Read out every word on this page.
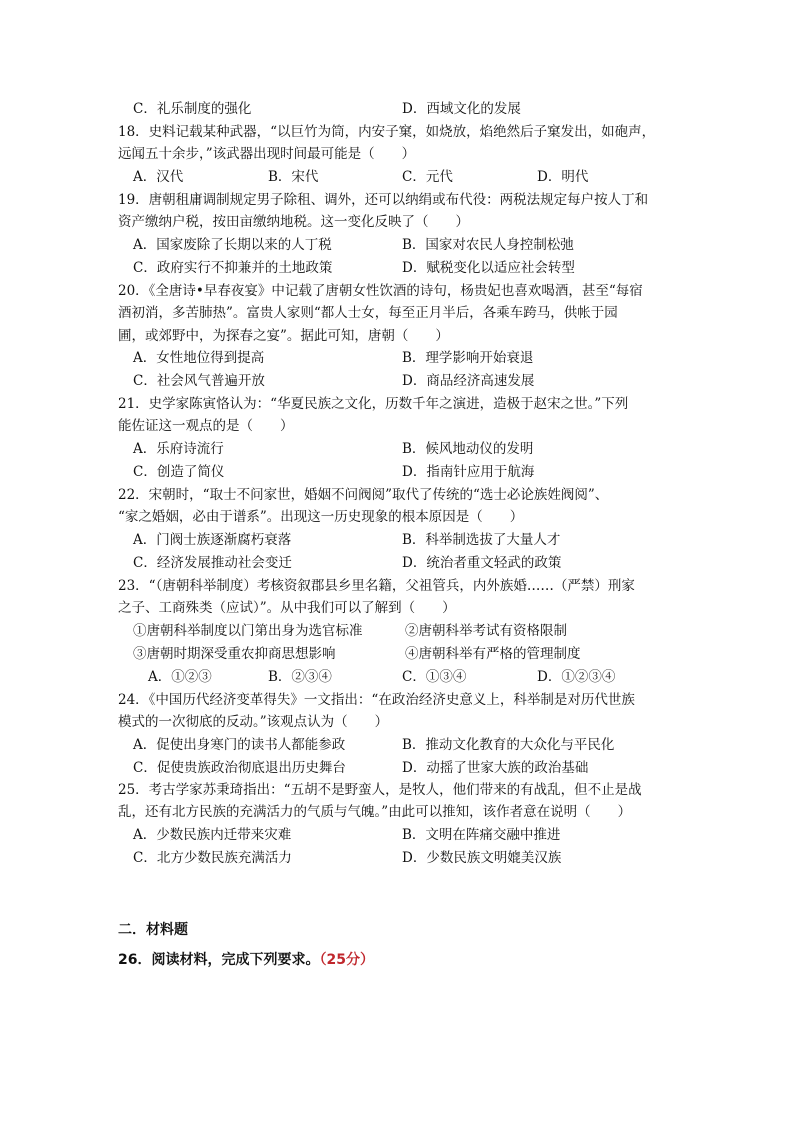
C．礼乐制度的强化	D．西域文化的发展
18．史料记载某种武器，“以巨竹为筒，内安子窠，如烧放，焰绝然后子窠发出，如砲声，
远闻五十余步，”该武器出现时间最可能是（　　）
A．汉代	B．宋代	C．元代	D．明代
19．唐朝租庸调制规定男子除租、调外，还可以纳绢或布代役：两税法规定每户按人丁和
资产缴纳户税，按田亩缴纳地税。这一变化反映了（　　）
A．国家废除了长期以来的人丁税	B．国家对农民人身控制松弛
C．政府实行不抑兼并的土地政策	D．赋税变化以适应社会转型
20．《全唐诗•早春夜宴》中记载了唐朝女性饮酒的诗句，杨贵妃也喜欢喝酒，甚至“每宿
酒初消，多苦肺热”。富贵人家则“都人士女，每至正月半后，各乘车跨马，供帐于园
圃，或郊野中，为探春之宴”。据此可知，唐朝（　　）
A．女性地位得到提高	B．理学影响开始衰退
C．社会风气普遍开放	D．商品经济高速发展
21．史学家陈寅恪认为：“华夏民族之文化，历数千年之演进，造极于赵宋之世。”下列
能佐证这一观点的是（　　）
A．乐府诗流行	B．候风地动仪的发明
C．创造了简仪	D．指南针应用于航海
22．宋朝时，“取士不问家世，婚姻不问阀阅”取代了传统的“选士必论族姓阀阅”、
“家之婚姻，必由于谱系”。出现这一历史现象的根本原因是（　　）
A．门阀士族逐渐腐朽衰落	B．科举制选拔了大量人才
C．经济发展推动社会变迁	D．统治者重文轻武的政策
23．“（唐朝科举制度）考核资叙郡县乡里名籍，父祖管兵，内外族婚……（严禁）刑家
之子、工商殊类（应试）”。从中我们可以了解到（　　）
①唐朝科举制度以门第出身为选官标准	②唐朝科举考试有资格限制
③唐朝时期深受重农抑商思想影响	④唐朝科举有严格的管理制度
A．①②③	B．②③④	C．①③④	D．①②③④
24．《中国历代经济变革得失》一文指出：“在政治经济史意义上，科举制是对历代世族
模式的一次彻底的反动。”该观点认为（　　）
A．促使出身寒门的读书人都能参政	B．推动文化教育的大众化与平民化
C．促使贵族政治彻底退出历史舞台	D．动摇了世家大族的政治基础
25．考古学家苏秉琦指出：“五胡不是野蛮人，是牧人，他们带来的有战乱，但不止是战
乱，还有北方民族的充满活力的气质与气魄。”由此可以推知，该作者意在说明（　　）
A．少数民族内迁带来灾难	B．文明在阵痛交融中推进
C．北方少数民族充满活力	D．少数民族文明媲美汉族
二．材料题
26．阅读材料，完成下列要求。（25分）
